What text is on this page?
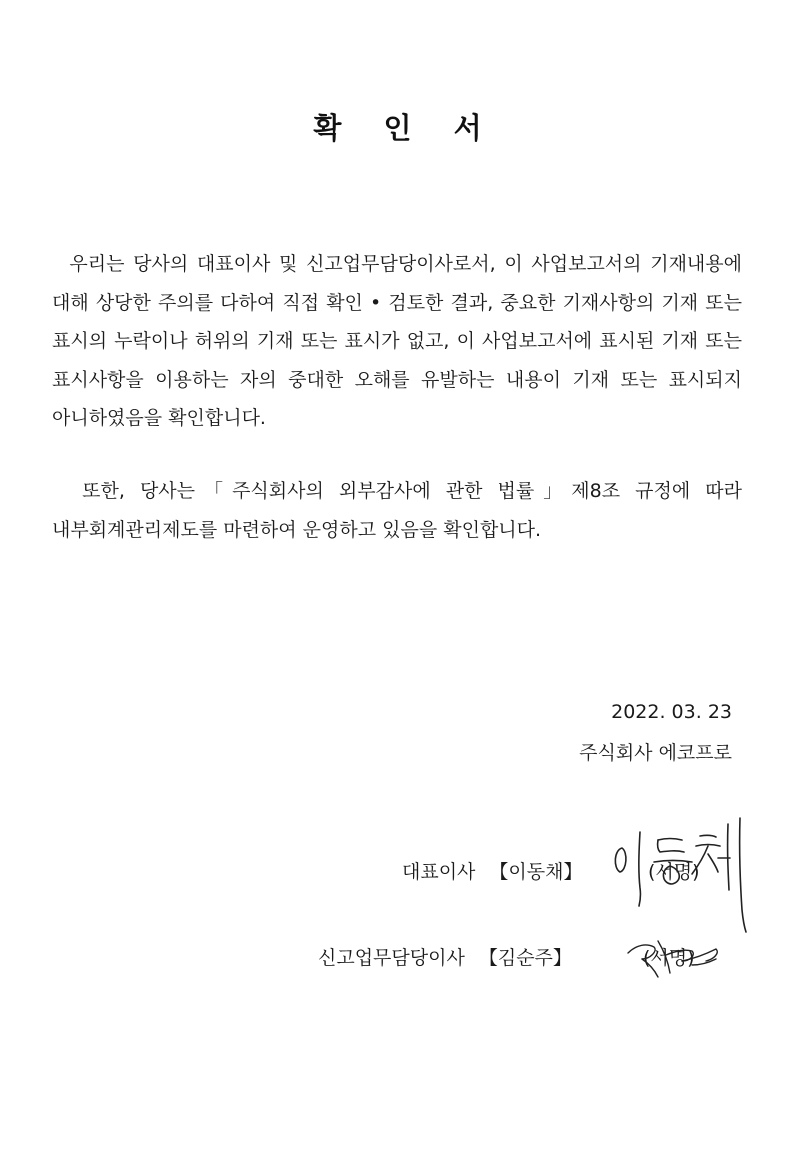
확 인 서
우리는 당사의 대표이사 및 신고업무담당이사로서, 이 사업보고서의 기재내용에 대해 상당한 주의를 다하여 직접 확인 • 검토한 결과, 중요한 기재사항의 기재 또는 표시의 누락이나 허위의 기재 또는 표시가 없고, 이 사업보고서에 표시된 기재 또는 표시사항을 이용하는 자의 중대한 오해를 유발하는 내용이 기재 또는 표시되지 아니하였음을 확인합니다.
또한, 당사는「주식회사의 외부감사에 관한 법률」제8조 규정에 따라 내부회계관리제도를 마련하여 운영하고 있음을 확인합니다.
2022. 03. 23
주식회사 에코프로
대표이사 【이동채】	(서명)
신고업무담당이사 【김순주】	(서명)
